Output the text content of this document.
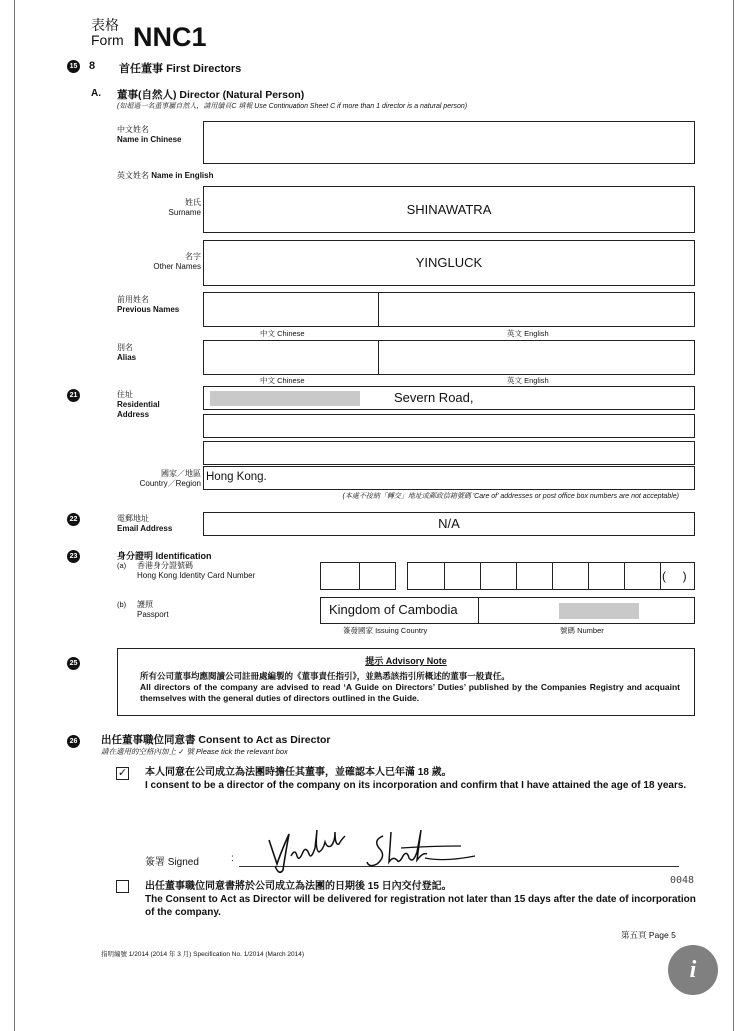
表格
Form NNC1
15 8 首任董事 First Directors
A. 董事(自然人) Director (Natural Person)
(如超過一名董事屬自然人，請用續頁C 填報 Use Continuation Sheet C if more than 1 director is a natural person)
中文姓名
Name in Chinese
英文姓名 Name in English
姓氏
Surname	SHINAWATRA
名字
Other Names	YINGLUCK
前用姓名
Previous Names
中文 Chinese	英文 English
別名
Alias
中文 Chinese	英文 English
21	住址
Residential
Address
Severn Road,
國家／地區
Country／Region
Hong Kong.
(本處不接納「轉交」地址或郵政信箱號碼 'Care of' addresses or post office box numbers are not acceptable)
22	電郵地址
Email Address	N/A
23	身分證明 Identification
(a) 香港身分證號碼
Hong Kong Identity Card Number	(     )
(b) 護照
Passport	Kingdom of Cambodia
簽發國家 Issuing Country	號碼 Number
25	提示 Advisory Note
所有公司董事均應閱讀公司註冊處編製的《董事責任指引》，並熟悉該指引所概述的董事一般責任。
All directors of the company are advised to read ‘A Guide on Directors’ Duties’ published by the Companies Registry and acquaint themselves with the general duties of directors outlined in the Guide.
26 出任董事職位同意書 Consent to Act as Director
請在適用的空格內加上 ✓ 號 Please tick the relevant box
✓ 本人同意在公司成立為法團時擔任其董事，並確認本人已年滿 18 歲。
I consent to be a director of the company on its incorporation and confirm that I have attained the age of 18 years.
簽署 Signed	:
出任董事職位同意書將於公司成立為法團的日期後 15 日內交付登記。
The Consent to Act as Director will be delivered for registration not later than 15 days after the date of incorporation of the company.
0048
第五頁 Page 5
指明編號 1/2014 (2014 年 3 月) Specification No. 1/2014 (March 2014)
i
